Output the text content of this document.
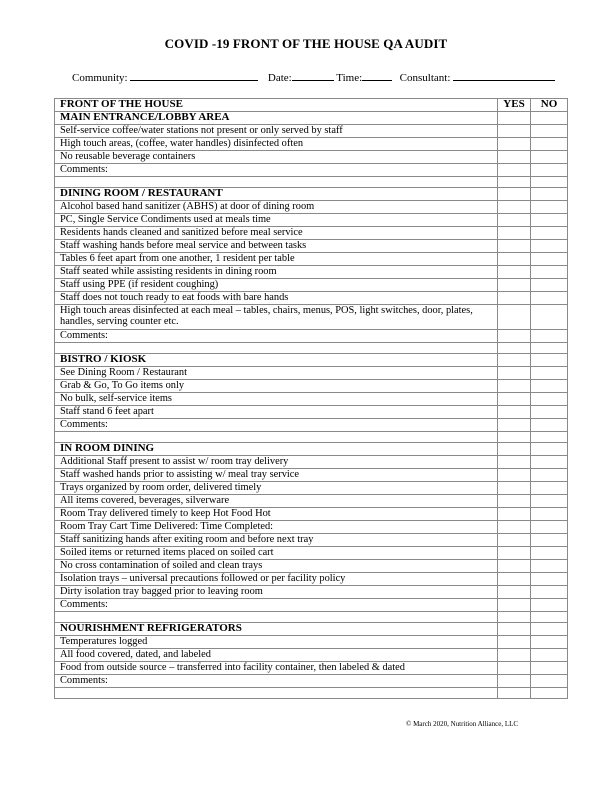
COVID -19 FRONT OF THE HOUSE QA AUDIT
Community:	Date:	Time:	Consultant:
FRONT OF THE HOUSE	YES	NO
MAIN ENTRANCE/LOBBY AREA		
Self-service coffee/water stations not present or only served by staff		
High touch areas, (coffee, water handles) disinfected often		
No reusable beverage containers		
Comments:		

DINING ROOM / RESTAURANT		
Alcohol based hand sanitizer (ABHS) at door of dining room		
PC, Single Service Condiments used at meals time		
Residents hands cleaned and sanitized before meal service		
Staff washing hands before meal service and between tasks		
Tables 6 feet apart from one another, 1 resident per table		
Staff seated while assisting residents in dining room		
Staff using PPE (if resident coughing)		
Staff does not touch ready to eat foods with bare hands		
High touch areas disinfected at each meal – tables, chairs, menus, POS, light switches, door, plates, handles, serving counter etc.		
Comments:		

BISTRO / KIOSK		
See Dining Room / Restaurant		
Grab & Go, To Go items only		
No bulk, self-service items		
Staff stand 6 feet apart		
Comments:		

IN ROOM DINING		
Additional Staff present to assist w/ room tray delivery		
Staff washed hands prior to assisting w/ meal tray service		
Trays organized by room order, delivered timely		
All items covered, beverages, silverware		
Room Tray delivered timely to keep Hot Food Hot		
Room Tray Cart Time Delivered: Time Completed:		
Staff sanitizing hands after exiting room and before next tray		
Soiled items or returned items placed on soiled cart		
No cross contamination of soiled and clean trays		
Isolation trays – universal precautions followed or per facility policy		
Dirty isolation tray bagged prior to leaving room		
Comments:		

NOURISHMENT REFRIGERATORS		
Temperatures logged		
All food covered, dated, and labeled		
Food from outside source – transferred into facility container, then labeled & dated		
Comments:		

© March 2020, Nutrition Alliance, LLC
